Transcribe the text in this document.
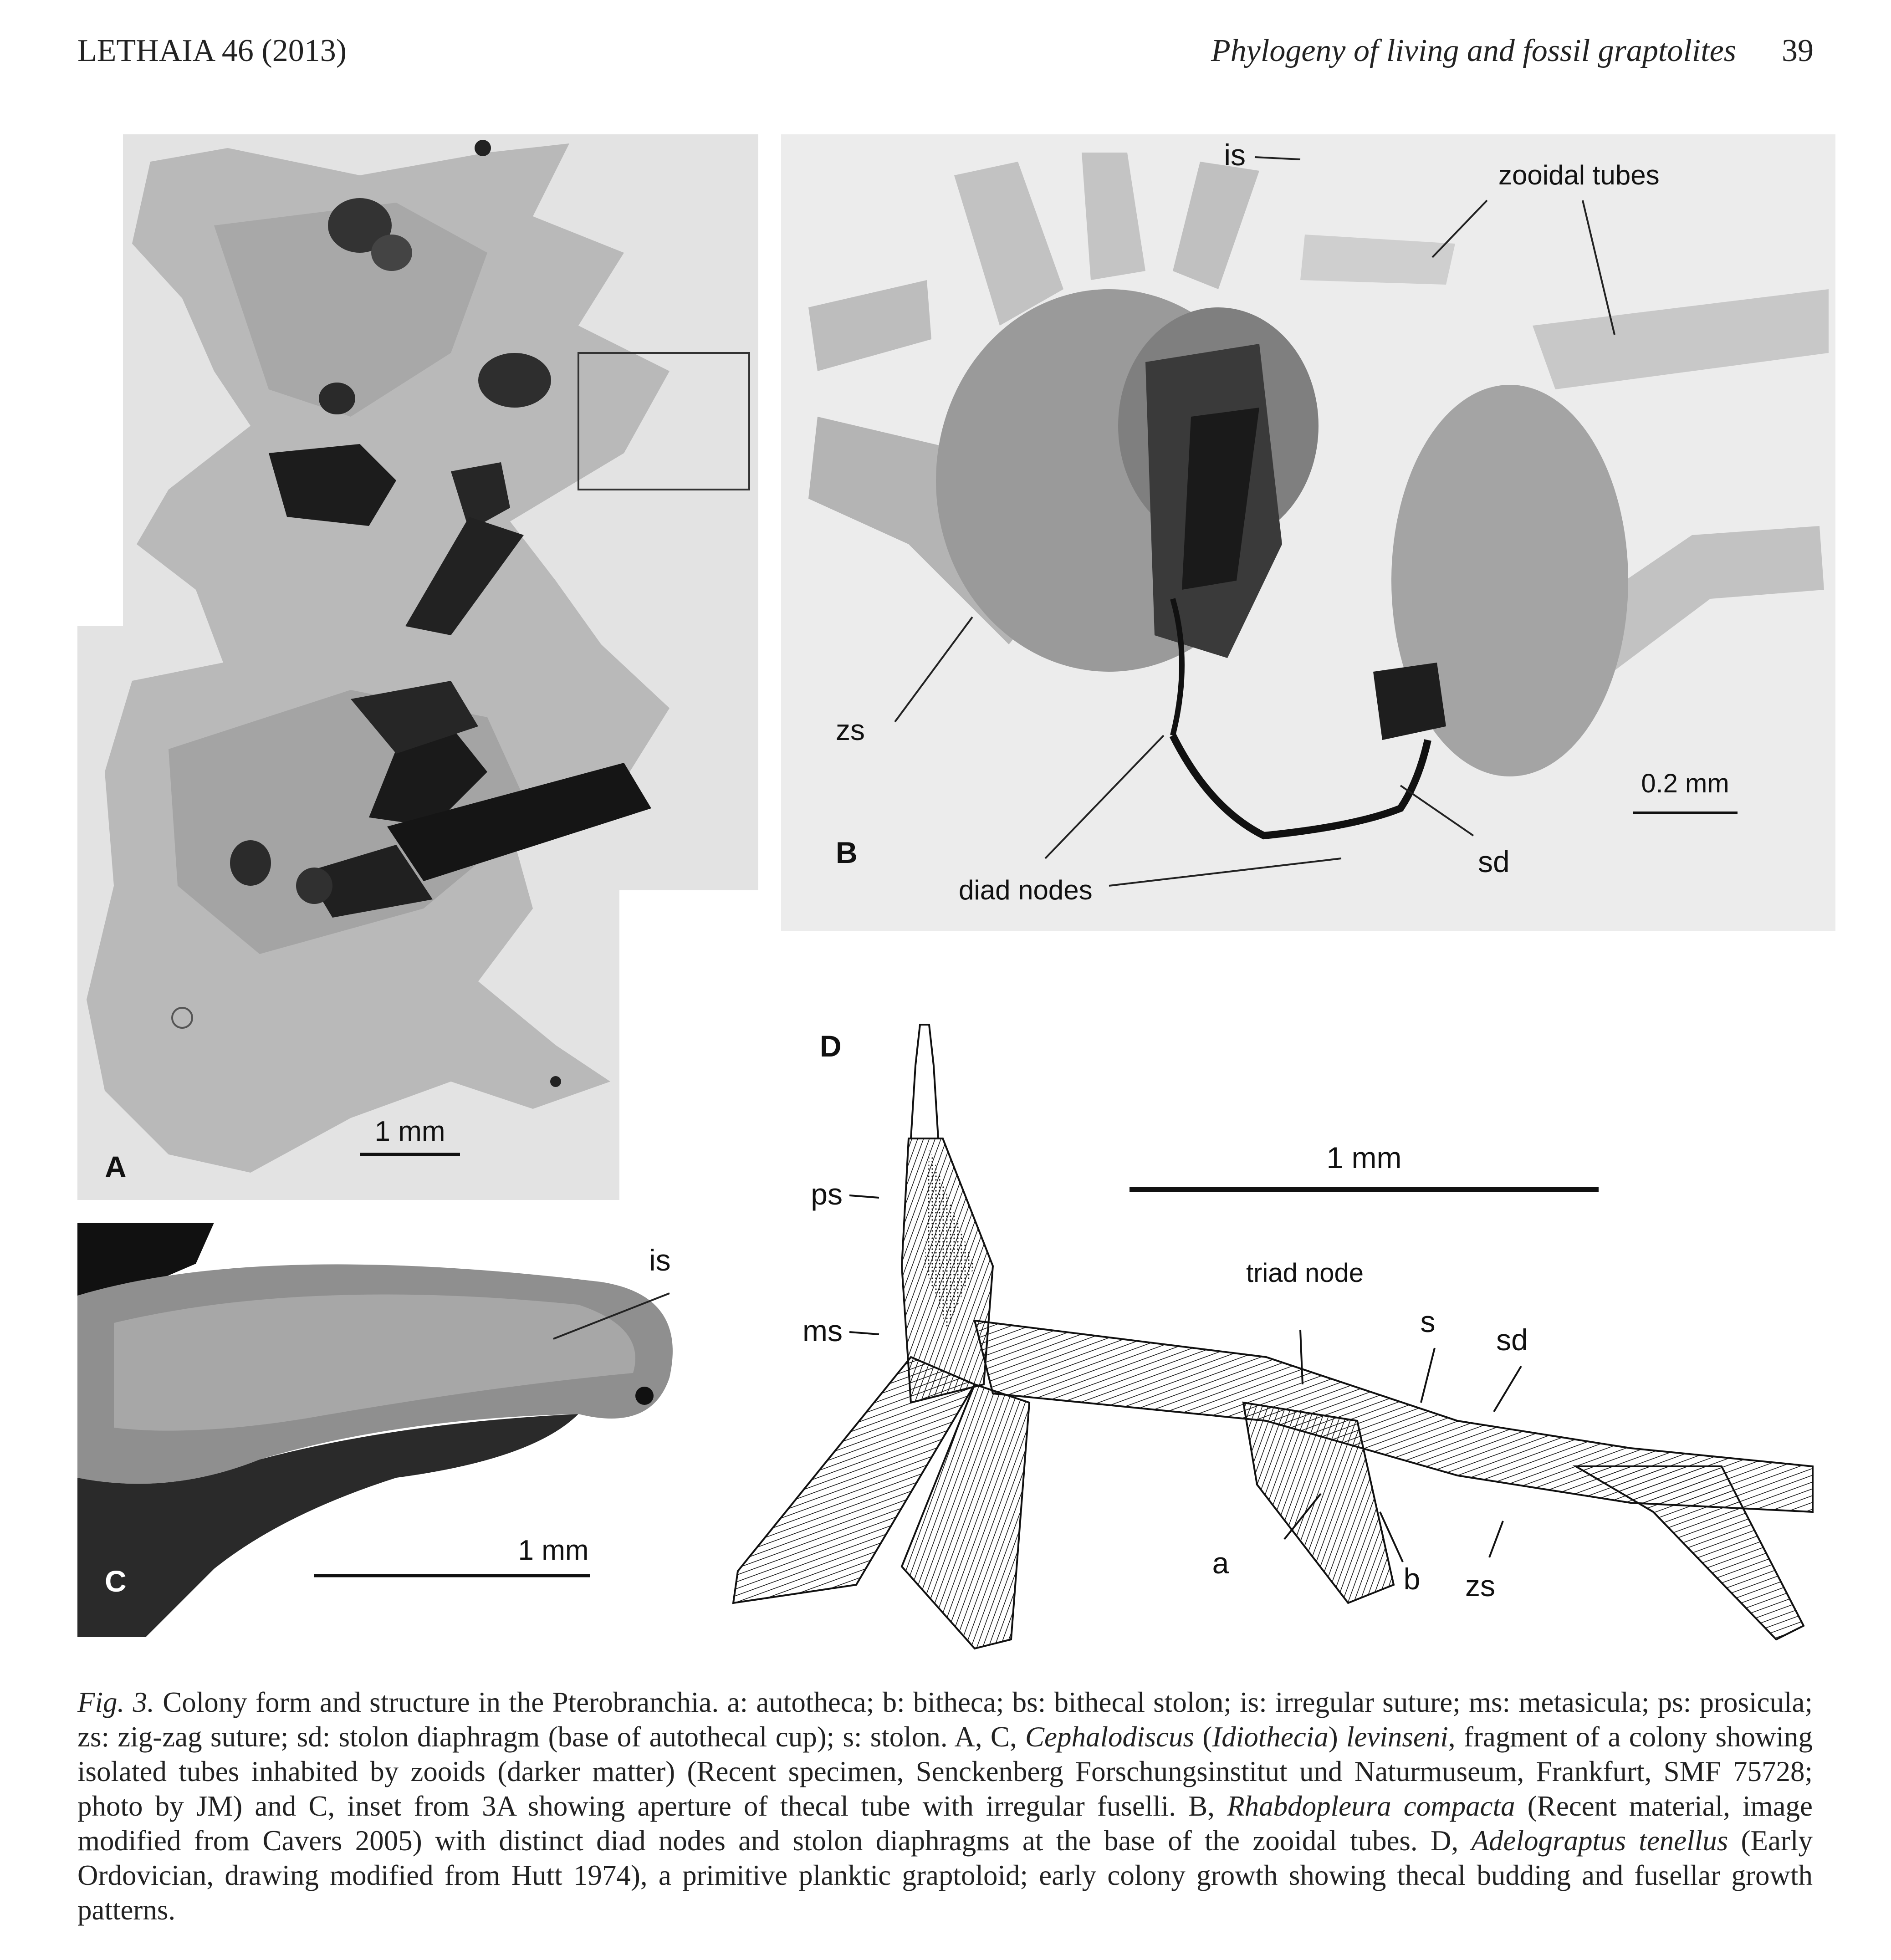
LETHAIA 46 (2013)	Phylogeny of living and fossil graptolites 39
1 mm
A
is
zooidal tubes
zs
diad nodes
sd
0.2 mm
B
is
1 mm
C
ps
ms
triad node
s
sd
a	b zs
1 mm
D
Fig. 3. Colony form and structure in the Pterobranchia. a: autotheca; b: bitheca; bs: bithecal stolon; is: irregular suture; ms: metasicula; ps: prosicula; zs: zig-zag suture; sd: stolon diaphragm (base of autothecal cup); s: stolon. A, C, Cephalodiscus (Idiothecia) levinseni, fragment of a colony showing isolated tubes inhabited by zooids (darker matter) (Recent specimen, Senckenberg Forschungsinstitut und Naturmuseum, Frankfurt, SMF 75728; photo by JM) and C, inset from 3A showing aperture of thecal tube with irregular fuselli. B, Rhabdopleura compacta (Recent material, image modified from Cavers 2005) with distinct diad nodes and stolon diaphragms at the base of the zooidal tubes. D, Adelograptus tenellus (Early Ordovician, drawing modified from Hutt 1974), a primitive planktic graptoloid; early colony growth showing thecal budding and fusellar growth patterns.
